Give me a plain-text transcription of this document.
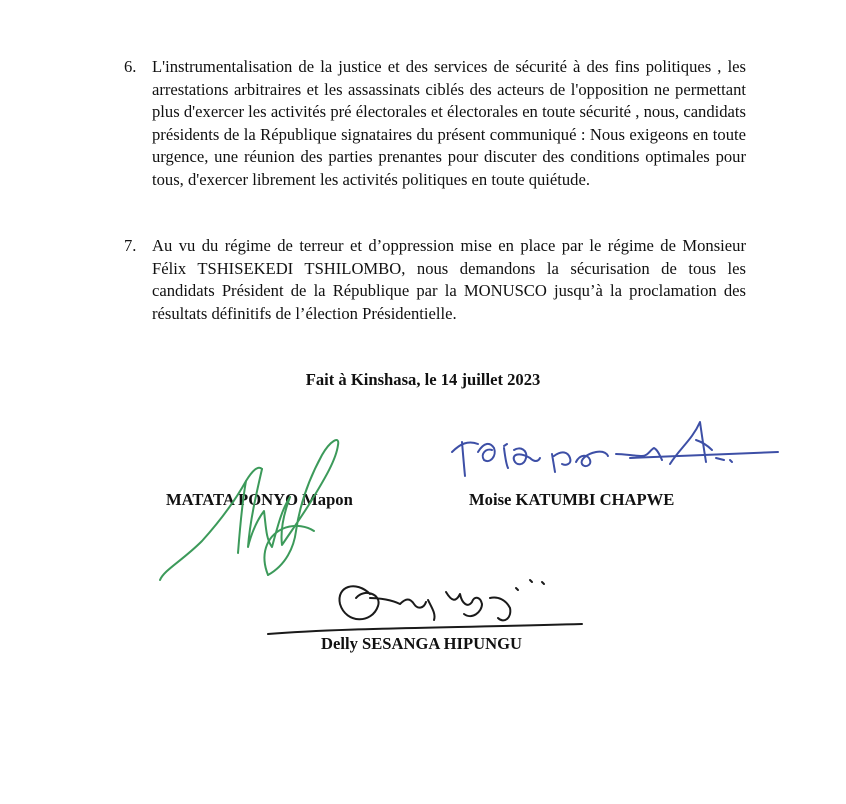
6. L'instrumentalisation de la justice et des services de sécurité à des fins politiques , les arrestations arbitraires et les assassinats ciblés des acteurs de l'opposition ne permettant plus d'exercer les activités pré électorales et électorales en toute sécurité , nous, candidats présidents de la République signataires du présent communiqué : Nous exigeons en toute urgence, une réunion des parties prenantes pour discuter des conditions optimales pour tous, d'exercer librement les activités politiques en toute quiétude.
7. Au vu du régime de terreur et d’oppression mise en place par le régime de Monsieur Félix TSHISEKEDI TSHILOMBO, nous demandons la sécurisation de tous les candidats Président de la République par la MONUSCO jusqu’à la proclamation des résultats définitifs de l’élection Présidentielle.
Fait à Kinshasa, le 14 juillet 2023
MATATA PONYO Mapon	Moise KATUMBI CHAPWE
Delly SESANGA HIPUNGU
